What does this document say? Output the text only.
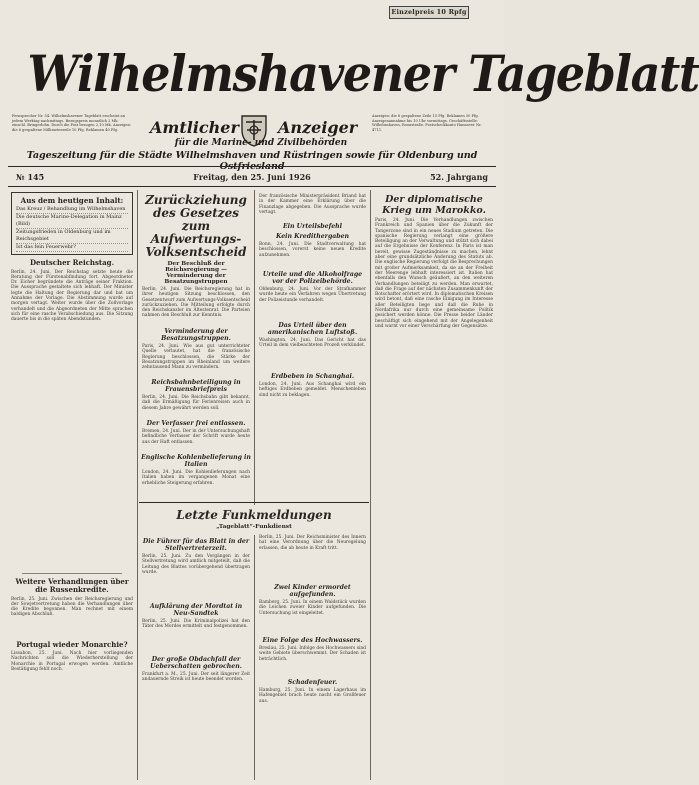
Einzelpreis 10 Rpfg
Wilhelmshavener Tageblatt
Fernsprecher Nr. 54. Wilhelmshavener Tageblatt erscheint an jedem Werktag nachmittags. Bezugspreis monatlich 2 Mk. einschl. Bringerlohn. Durch die Post bezogen 2,10 Mk. Anzeigen: die 6 gespaltene Millimeterzeile 10 Pfg. Reklamen 40 Pfg.
Anzeigen: die 8 gespaltene Zeile 15 Pfg. Reklamen 50 Pfg. Anzeigenannahme bis 10 Uhr vormittags. Geschäftsstelle: Wilhelmshaven, Roonstraße. Postscheckkonto Hannover Nr. 4711.
Amtlicher Anzeiger
für die Marine- und Zivilbehörden
Tageszeitung für die Städte Wilhelmshaven und Rüstringen sowie für Oldenburg und
№ 145	Freitag, den 25. Juni 1926	52. Jahrgang
Aus dem heutigen Inhalt:
Das Kreuz / Behandlung im Wilhelmshaven
Die deutsche Marine-Delegation in Mainz (Bild)
Zeitungsfrieden in Oldenburg und im Reichsgebiet
Ist das fein Feuerwehr?
Deutscher Reichstag.
Berlin, 24. Juni. Der Reichstag setzte heute die Beratung der Fürstenabfindung fort. Abgeordneter Dr. Eicher begründete die Anträge seiner Fraktion. Die Aussprache gestaltete sich lebhaft. Der Minister legte die Haltung der Regierung dar und bat um Annahme der Vorlage. Die Abstimmung wurde auf morgen vertagt. Weiter wurde über die Zollvorlage verhandelt und die Abgeordneten der Mitte sprachen sich für eine rasche Verabschiedung aus. Die Sitzung dauerte bis in die späten Abendstunden.
Weitere Verhandlungen über die Russenkredite.
Berlin, 25. Juni. Zwischen der Reichsregierung und der Sowjetvertretung haben die Verhandlungen über die Kredite begonnen. Man rechnet mit einem baldigen Abschluß.
Portugal wieder Monarchie?
Lissabon, 25. Juni. Nach hier vorliegenden Nachrichten soll die Wiederherstellung der Monarchie in Portugal erwogen werden. Amtliche Bestätigung fehlt noch.
Zurückziehung des Gesetzes zum Aufwertungs-Volksentscheid
Der Beschluß der Reichsregierung — Verminderung der Besatzungstruppen
Berlin, 24. Juni. Die Reichsregierung hat in ihrer heutigen Sitzung beschlossen, den Gesetzentwurf zum Aufwertungs-Volksentscheid zurückzuziehen. Die Mitteilung erfolgte durch den Reichskanzler im Ältestenrat. Die Parteien nahmen den Beschluß zur Kenntnis.
Verminderung der Besatzungstruppen.
Paris, 24. Juni. Wie aus gut unterrichteter Quelle verlautet, hat die französische Regierung beschlossen, die Stärke der Besatzungstruppen im Rheinland um weitere zehntausend Mann zu vermindern.
Reichsbahnbeteiligung in Frauensbriefpreis
Berlin, 24. Juni. Die Reichsbahn gibt bekannt, daß die Ermäßigung für Ferienreisen auch in diesem Jahre gewährt werden soll.
Der Verfasser frei entlassen.
Bremen, 24. Juni. Der in der Untersuchungshaft befindliche Verfasser der Schrift wurde heute aus der Haft entlassen.
Englische Kohlenbelieferung in Italien
London, 24. Juni. Die Kohlenlieferungen nach Italien haben im vergangenen Monat eine erhebliche Steigerung erfahren.
Der französische Ministerpräsident Briand hat in der Kammer eine Erklärung über die Finanzlage abgegeben. Die Aussprache wurde vertagt.
Ein Urteilsbefehl
Kein Kredithergaben
Bonn, 24. Juni. Die Stadtverwaltung hat beschlossen, vorerst keine neuen Kredite aufzunehmen.
Urteile und die Alkoholfrage vor der Polizeibehörde.
Oldenburg, 24. Juni. Vor der Strafkammer wurde heute ein Verfahren wegen Übertretung der Polizeistunde verhandelt.
Das Urteil über den amerikanischen Luftstoß.
Washington, 24. Juni. Das Gericht hat das Urteil in dem vielbeachteten Prozeß verkündet.
Erdbeben in Schanghai.
London, 24. Juni. Aus Schanghai wird ein heftiges Erdbeben gemeldet. Menschenleben sind nicht zu beklagen.
Der diplomatische Krieg um Marokko.
Paris, 24. Juni. Die Verhandlungen zwischen Frankreich und Spanien über die Zukunft der Tangerzone sind in ein neues Stadium getreten. Die spanische Regierung verlangt eine größere Beteiligung an der Verwaltung und stützt sich dabei auf die Ergebnisse der Konferenz. In Paris ist man bereit, gewisse Zugeständnisse zu machen, lehnt aber eine grundsätzliche Änderung des Statuts ab. Die englische Regierung verfolgt die Besprechungen mit großer Aufmerksamkeit, da sie an der Freiheit der Meerenge lebhaft interessiert ist. Italien hat ebenfalls den Wunsch geäußert, an den weiteren Verhandlungen beteiligt zu werden. Man erwartet, daß die Frage auf der nächsten Zusammenkunft der Botschafter erörtert wird. In diplomatischen Kreisen wird betont, daß eine rasche Einigung im Interesse aller Beteiligten liege und daß die Ruhe in Nordafrika nur durch eine gemeinsame Politik gesichert werden könne. Die Presse beider Länder beschäftigt sich eingehend mit der Angelegenheit und warnt vor einer Verschärfung der Gegensätze.
Letzte Funkmeldungen
„Tageblatt“-Funkdienst
Die Führer für das Blatt in der Stellvertreterzeit.
Berlin, 25. Juni. Zu den Vorgängen in der Stellvertretung wird amtlich mitgeteilt, daß die Leitung des Blattes vorübergehend übertragen wurde.
Aufklärung der Mordtat in Neu-Sandtek
Berlin, 25. Juni. Die Kriminalpolizei hat den Täter des Mordes ermittelt und festgenommen.
Der große Obdachfall der Ueberschatten gebrochen.
Frankfurt a. M., 25. Juni. Der seit längerer Zeit andauernde Streik ist heute beendet worden.
Berlin, 25. Juni. Der Reichsminister des Innern hat eine Verordnung über die Neuregelung erlassen, die ab heute in Kraft tritt.
Zwei Kinder ermordet aufgefunden.
Bamberg, 25. Juni. In einem Waldstück wurden die Leichen zweier Kinder aufgefunden. Die Untersuchung ist eingeleitet.
Eine Folge des Hochwassers.
Breslau, 25. Juni. Infolge des Hochwassers sind weite Gebiete überschwemmt. Der Schaden ist beträchtlich.
Schadenfeuer.
Hamburg, 25. Juni. In einem Lagerhaus im Hafengebiet brach heute nacht ein Großfeuer aus.
